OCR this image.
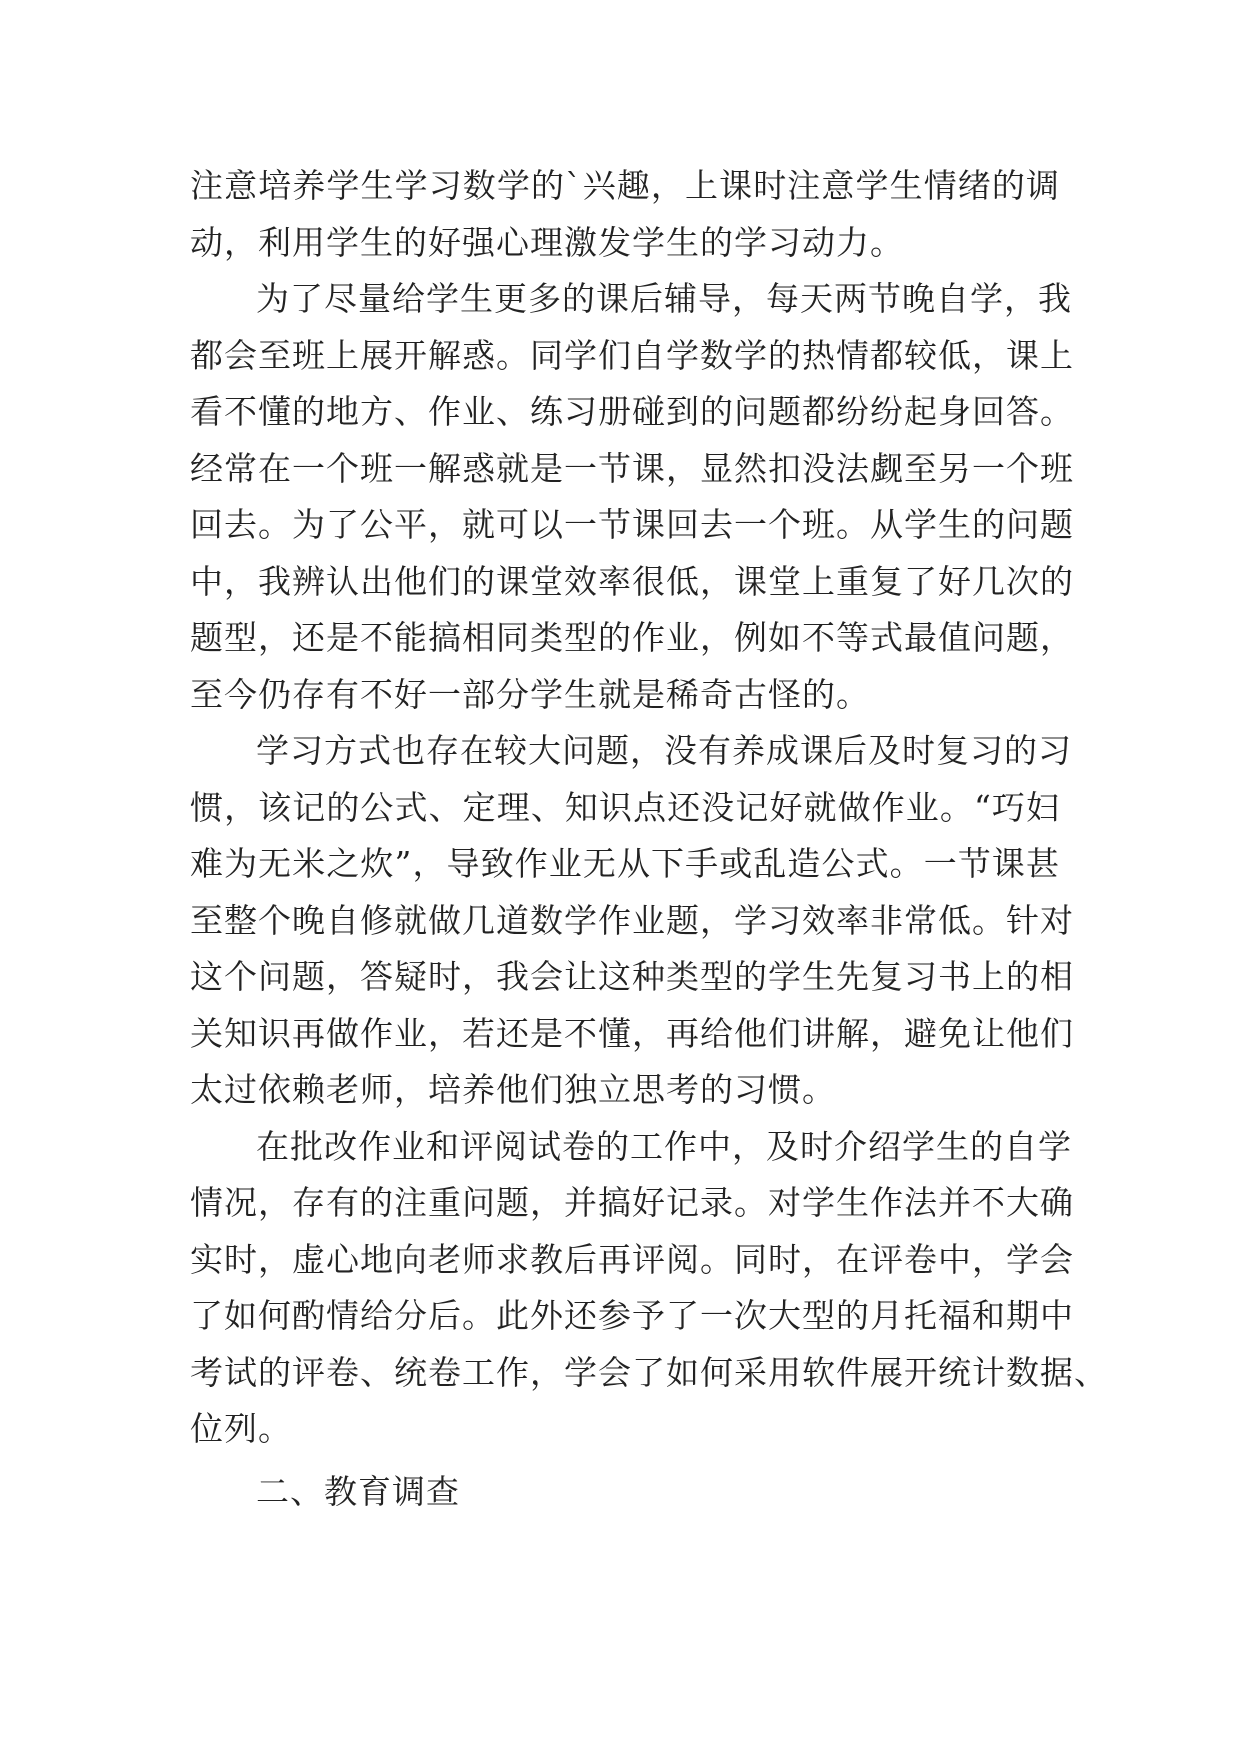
注意培养学生学习数学的`兴趣，上课时注意学生情绪的调
动，利用学生的好强心理激发学生的学习动力。
为了尽量给学生更多的课后辅导，每天两节晚自学，我
都会至班上展开解惑。同学们自学数学的热情都较低，课上
看不懂的地方、作业、练习册碰到的问题都纷纷起身回答。
经常在一个班一解惑就是一节课，显然扣没法觑至另一个班
回去。为了公平，就可以一节课回去一个班。从学生的问题
中，我辨认出他们的课堂效率很低，课堂上重复了好几次的
题型，还是不能搞相同类型的作业，例如不等式最值问题，
至今仍存有不好一部分学生就是稀奇古怪的。
学习方式也存在较大问题，没有养成课后及时复习的习
惯，该记的公式、定理、知识点还没记好就做作业。“巧妇
难为无米之炊”，导致作业无从下手或乱造公式。一节课甚
至整个晚自修就做几道数学作业题，学习效率非常低。针对
这个问题，答疑时，我会让这种类型的学生先复习书上的相
关知识再做作业，若还是不懂，再给他们讲解，避免让他们
太过依赖老师，培养他们独立思考的习惯。
在批改作业和评阅试卷的工作中，及时介绍学生的自学
情况，存有的注重问题，并搞好记录。对学生作法并不大确
实时，虚心地向老师求教后再评阅。同时，在评卷中，学会
了如何酌情给分后。此外还参予了一次大型的月托福和期中
考试的评卷、统卷工作，学会了如何采用软件展开统计数据、
位列。
二、教育调查
